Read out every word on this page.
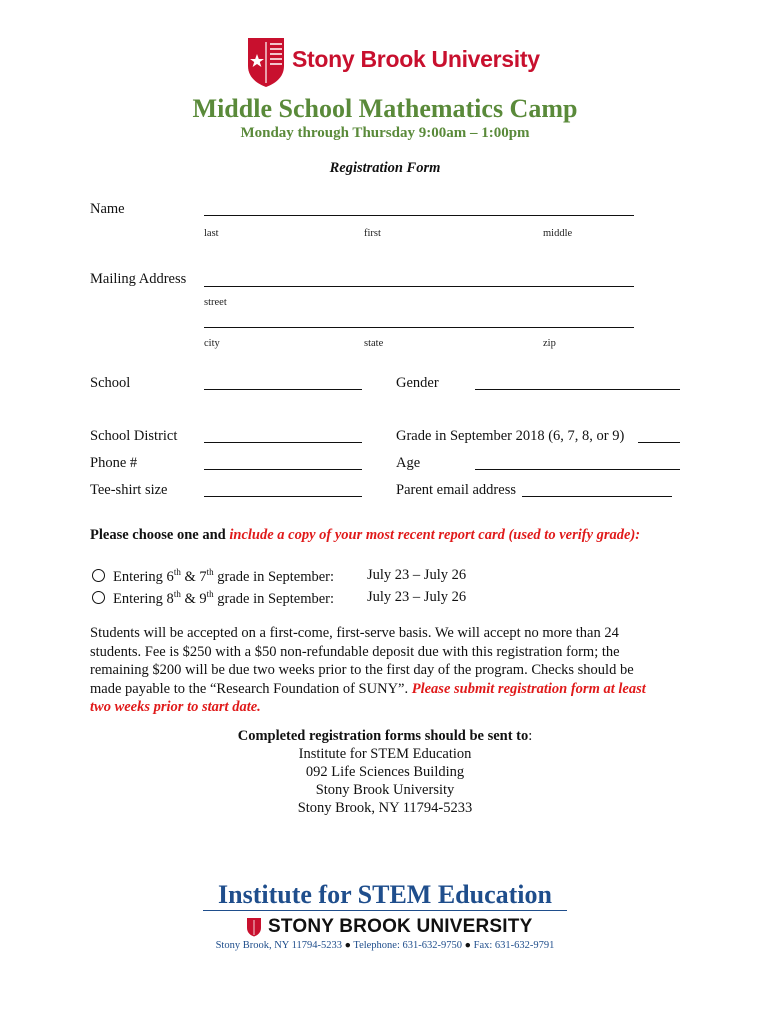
Stony Brook University
Middle School Mathematics Camp
Monday through Thursday 9:00am – 1:00pm
Registration Form
Name
last	first	middle
Mailing Address
street
city	state	zip
School	Gender
School District	Grade in September 2018 (6, 7, 8, or 9)
Phone #	Age
Tee-shirt size	Parent email address
Please choose one and include a copy of your most recent report card (used to verify grade):
Entering 6th & 7th grade in September: July 23 – July 26
Entering 8th & 9th grade in September: July 23 – July 26
Students will be accepted on a first-come, first-serve basis. We will accept no more than 24
students. Fee is $250 with a $50 non-refundable deposit due with this registration form; the
remaining $200 will be due two weeks prior to the first day of the program. Checks should be
made payable to the “Research Foundation of SUNY”. Please submit registration form at least
two weeks prior to start date.
Completed registration forms should be sent to:
Institute for STEM Education
092 Life Sciences Building
Stony Brook University
Stony Brook, NY 11794-5233
Institute for STEM Education
STONY BROOK UNIVERSITY
Stony Brook, NY 11794-5233 ● Telephone: 631-632-9750 ● Fax: 631-632-9791
